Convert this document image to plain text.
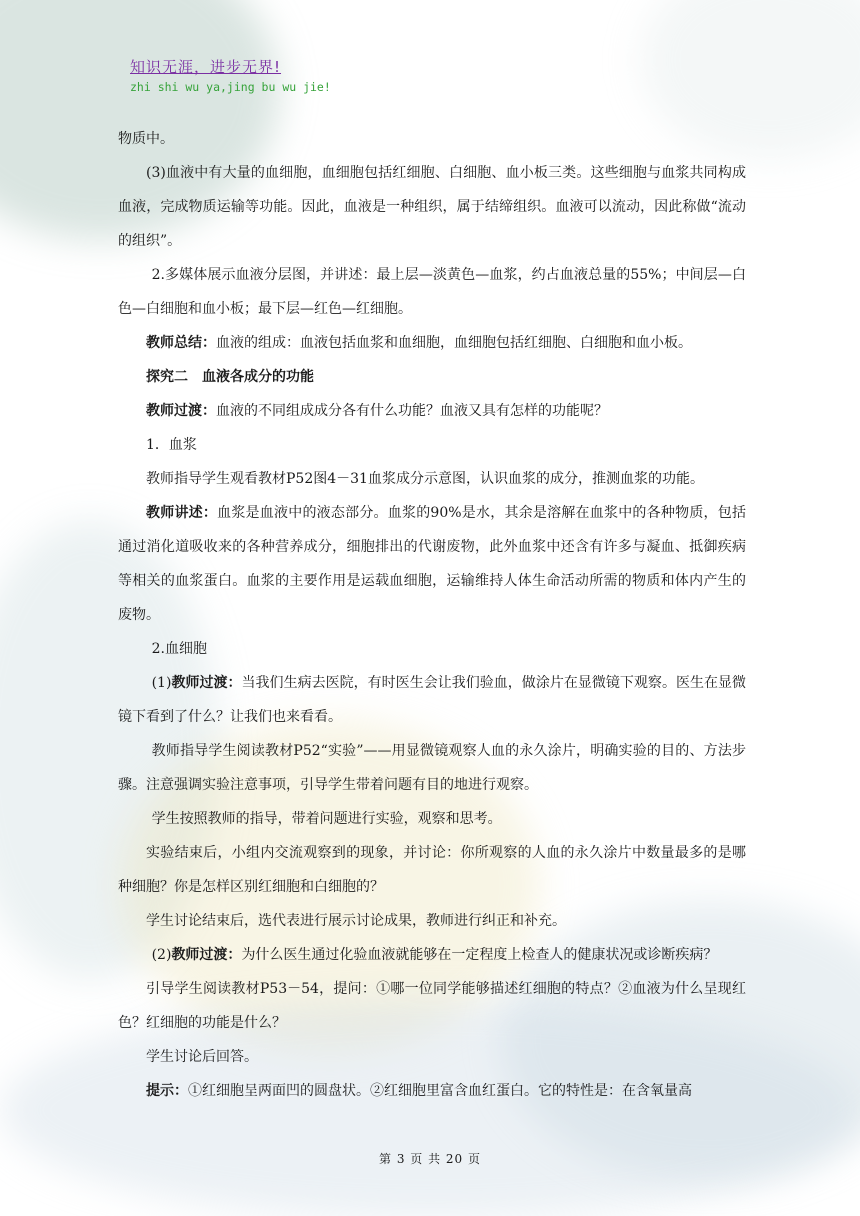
知识无涯，进步无界!
zhi shi wu ya,jing bu wu jie!

物质中。

(3)血液中有大量的血细胞，血细胞包括红细胞、白细胞、血小板三类。这些细胞与血浆共同构成血液，完成物质运输等功能。因此，血液是一种组织，属于结缔组织。血液可以流动，因此称做“流动的组织”。

2.多媒体展示血液分层图，并讲述：最上层—淡黄色—血浆，约占血液总量的55%；中间层—白色—白细胞和血小板；最下层—红色—红细胞。

教师总结：血液的组成：血液包括血浆和血细胞，血细胞包括红细胞、白细胞和血小板。

探究二　血液各成分的功能

教师过渡：血液的不同组成成分各有什么功能？血液又具有怎样的功能呢？

1．血浆

教师指导学生观看教材P52图4－31血浆成分示意图，认识血浆的成分，推测血浆的功能。

教师讲述：血浆是血液中的液态部分。血浆的90%是水，其余是溶解在血浆中的各种物质，包括通过消化道吸收来的各种营养成分，细胞排出的代谢废物，此外血浆中还含有许多与凝血、抵御疾病等相关的血浆蛋白。血浆的主要作用是运载血细胞，运输维持人体生命活动所需的物质和体内产生的废物。

2.血细胞

(1)教师过渡：当我们生病去医院，有时医生会让我们验血，做涂片在显微镜下观察。医生在显微镜下看到了什么？让我们也来看看。

教师指导学生阅读教材P52“实验”——用显微镜观察人血的永久涂片，明确实验的目的、方法步骤。注意强调实验注意事项，引导学生带着问题有目的地进行观察。

学生按照教师的指导，带着问题进行实验，观察和思考。

实验结束后，小组内交流观察到的现象，并讨论：你所观察的人血的永久涂片中数量最多的是哪种细胞？你是怎样区别红细胞和白细胞的？

学生讨论结束后，选代表进行展示讨论成果，教师进行纠正和补充。

(2)教师过渡：为什么医生通过化验血液就能够在一定程度上检查人的健康状况或诊断疾病？

引导学生阅读教材P53－54，提问：①哪一位同学能够描述红细胞的特点？②血液为什么呈现红色？红细胞的功能是什么？

学生讨论后回答。

提示：①红细胞呈两面凹的圆盘状。②红细胞里富含血红蛋白。它的特性是：在含氧量高

第 3 页 共 20 页
